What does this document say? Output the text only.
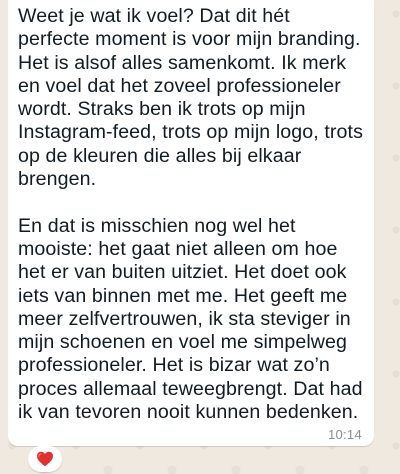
Weet je wat ik voel? Dat dit hét perfecte moment is voor mijn branding. Het is alsof alles samenkomt. Ik merk en voel dat het zoveel professioneler wordt. Straks ben ik trots op mijn Instagram-feed, trots op mijn logo, trots op de kleuren die alles bij elkaar brengen.

En dat is misschien nog wel het mooiste: het gaat niet alleen om hoe het er van buiten uitziet. Het doet ook iets van binnen met me. Het geeft me meer zelfvertrouwen, ik sta steviger in mijn schoenen en voel me simpelweg professioneler. Het is bizar wat zo’n proces allemaal teweegbrengt. Dat had ik van tevoren nooit kunnen bedenken.

10:14
